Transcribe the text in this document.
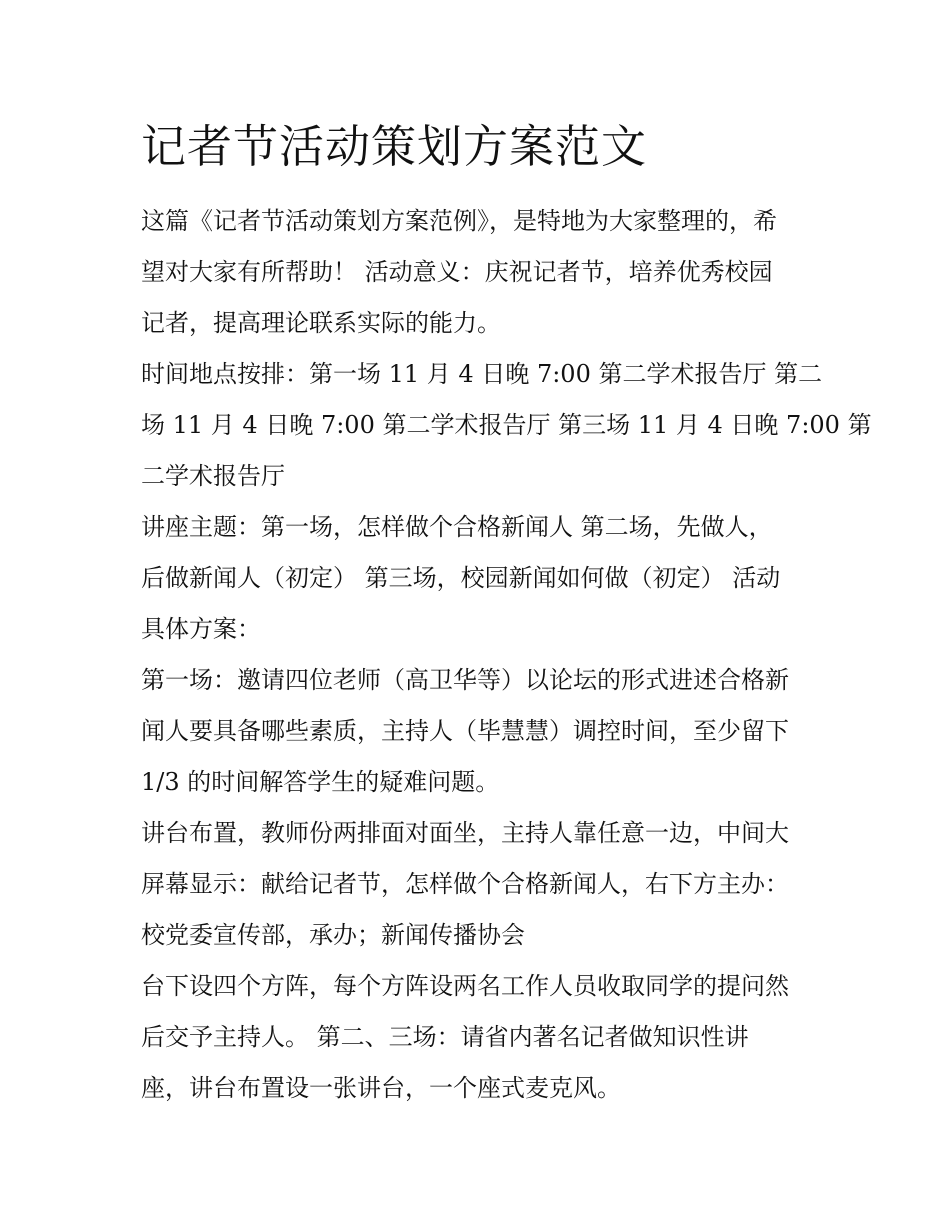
记者节活动策划方案范文

这篇《记者节活动策划方案范例》，是特地为大家整理的，希

望对大家有所帮助！ 活动意义：庆祝记者节，培养优秀校园

记者，提高理论联系实际的能力。

时间地点按排：第一场 11 月 4 日晚 7:00 第二学术报告厅 第二

场 11 月 4 日晚 7:00 第二学术报告厅 第三场 11 月 4 日晚 7:00 第

二学术报告厅

讲座主题：第一场，怎样做个合格新闻人 第二场，先做人，

后做新闻人（初定） 第三场，校园新闻如何做（初定） 活动

具体方案：

第一场：邀请四位老师（高卫华等）以论坛的形式进述合格新

闻人要具备哪些素质，主持人（毕慧慧）调控时间，至少留下

1/3 的时间解答学生的疑难问题。

讲台布置，教师份两排面对面坐，主持人靠任意一边，中间大

屏幕显示：献给记者节，怎样做个合格新闻人，右下方主办：

校党委宣传部，承办；新闻传播协会

台下设四个方阵，每个方阵设两名工作人员收取同学的提问然

后交予主持人。 第二、三场：请省内著名记者做知识性讲

座，讲台布置设一张讲台，一个座式麦克风。
